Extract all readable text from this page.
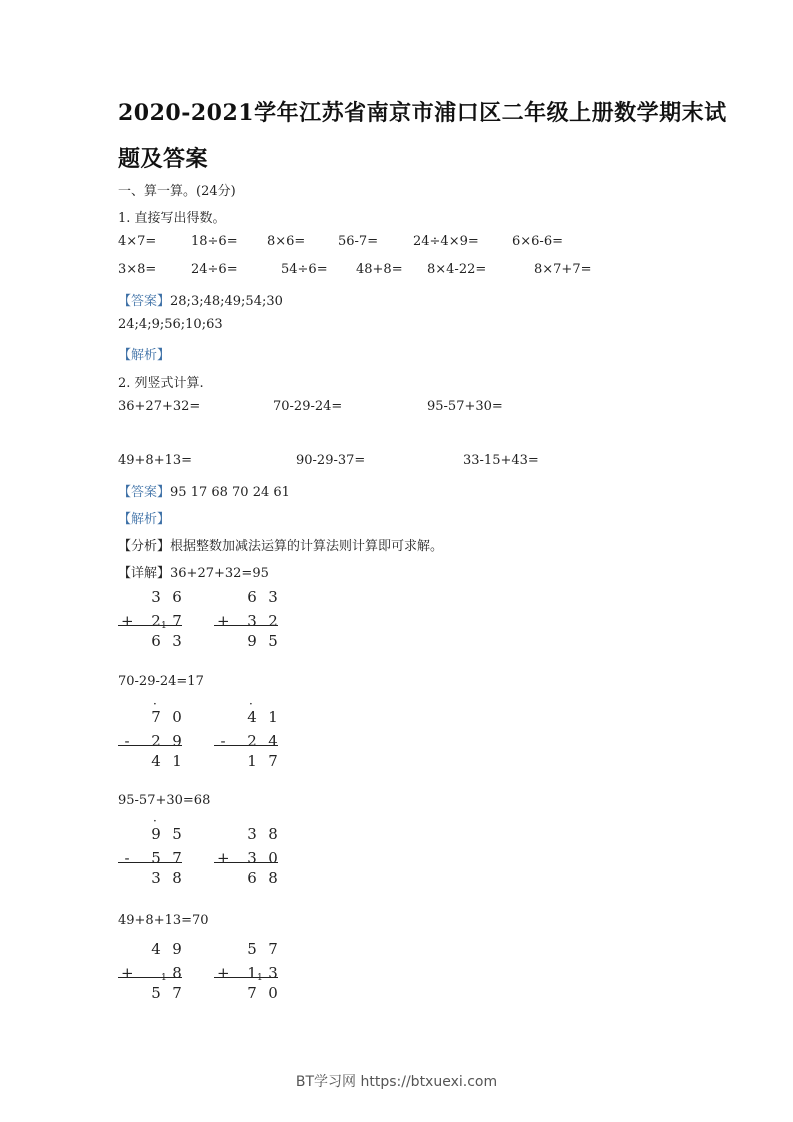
2020-2021学年江苏省南京市浦口区二年级上册数学期末试
题及答案
一、算一算。(24分)
1. 直接写出得数。
4×7=	18÷6= 8×6=	56-7=	24÷4×9=	6×6-6=
3×8=	24÷6=	54÷6= 48+8= 8×4-22=	8×7+7=
【答案】28;3;48;49;54;30
24;4;9;56;10;63
【解析】
2. 列竖式计算.
36+27+32=	70-29-24=	95-57+30=
49+8+13=	90-29-37=	33-15+43=
【答案】95 17 68 70 24 61
【解析】
【分析】根据整数加减法运算的计算法则计算即可求解。
【详解】36+27+32=95
3 6
+ 2 7
6 3
1
6 3
+ 3 2
9 5
70-29-24=17
7 0
- 2 9
4 1
·
4 1
- 2 4
1 7
·
95-57+30=68
9 5
- 5 7
3 8
·
3 8
+ 3 0
6 8
49+8+13=70
4 9
+	8
5 7
1
5 7
+ 1 3
7 0
1
BT学习网 https://btxuexi.com
